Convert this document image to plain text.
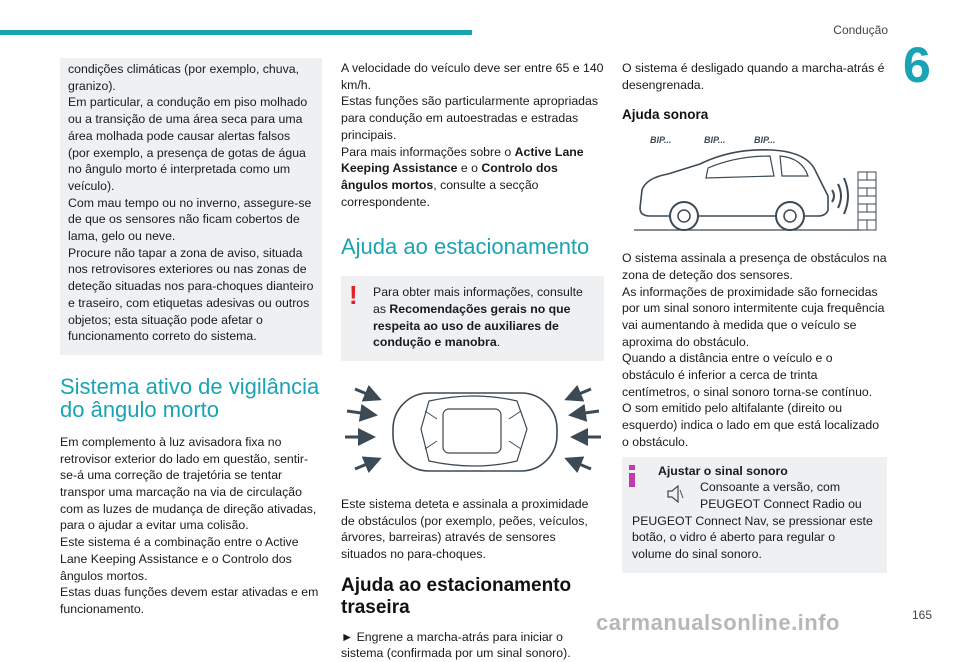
Condução
6
165

condições climáticas (por exemplo, chuva, granizo).

Em particular, a condução em piso molhado ou a transição de uma área seca para uma área molhada pode causar alertas falsos (por exemplo, a presença de gotas de água no ângulo morto é interpretada como um veículo).

Com mau tempo ou no inverno, assegure-se de que os sensores não ficam cobertos de lama, gelo ou neve.

Procure não tapar a zona de aviso, situada nos retrovisores exteriores ou nas zonas de deteção situadas nos para-choques dianteiro e traseiro, com etiquetas adesivas ou outros objetos; esta situação pode afetar o funcionamento correto do sistema.

Sistema ativo de vigilância do ângulo morto

Em complemento à luz avisadora fixa no retrovisor exterior do lado em questão, sentir-se-á uma correção de trajetória se tentar transpor uma marcação na via de circulação com as luzes de mudança de direção ativadas, para o ajudar a evitar uma colisão.

Este sistema é a combinação entre o Active Lane Keeping Assistance e o Controlo dos ângulos mortos.

Estas duas funções devem estar ativadas e em funcionamento.

A velocidade do veículo deve ser entre 65 e 140 km/h.

Estas funções são particularmente apropriadas para condução em autoestradas e estradas principais.

Para mais informações sobre o Active Lane Keeping Assistance e o Controlo dos ângulos mortos, consulte a secção correspondente.

Ajuda ao estacionamento
!	Para obter mais informações, consulte as Recomendações gerais no que respeita ao uso de auxiliares de condução e manobra.

Este sistema deteta e assinala a proximidade de obstáculos (por exemplo, peões, veículos, árvores, barreiras) através de sensores situados no para-choques.

Ajuda ao estacionamento traseira

► Engrene a marcha-atrás para iniciar o sistema (confirmada por um sinal sonoro).

O sistema é desligado quando a marcha-atrás é desengrenada.

Ajuda sonora
BIP...	BIP...	BIP...

O sistema assinala a presença de obstáculos na zona de deteção dos sensores.

As informações de proximidade são fornecidas por um sinal sonoro intermitente cuja frequência vai aumentando à medida que o veículo se aproxima do obstáculo.

Quando a distância entre o veículo e o obstáculo é inferior a cerca de trinta centímetros, o sinal sonoro torna-se contínuo.

O som emitido pelo altifalante (direito ou esquerdo) indica o lado em que está localizado o obstáculo.

Ajustar o sinal sonoro

Consoante a versão, com PEUGEOT Connect Radio ou

PEUGEOT Connect Nav, se pressionar este botão, o vidro é aberto para regular o volume do sinal sonoro.

carmanualsonline.info
